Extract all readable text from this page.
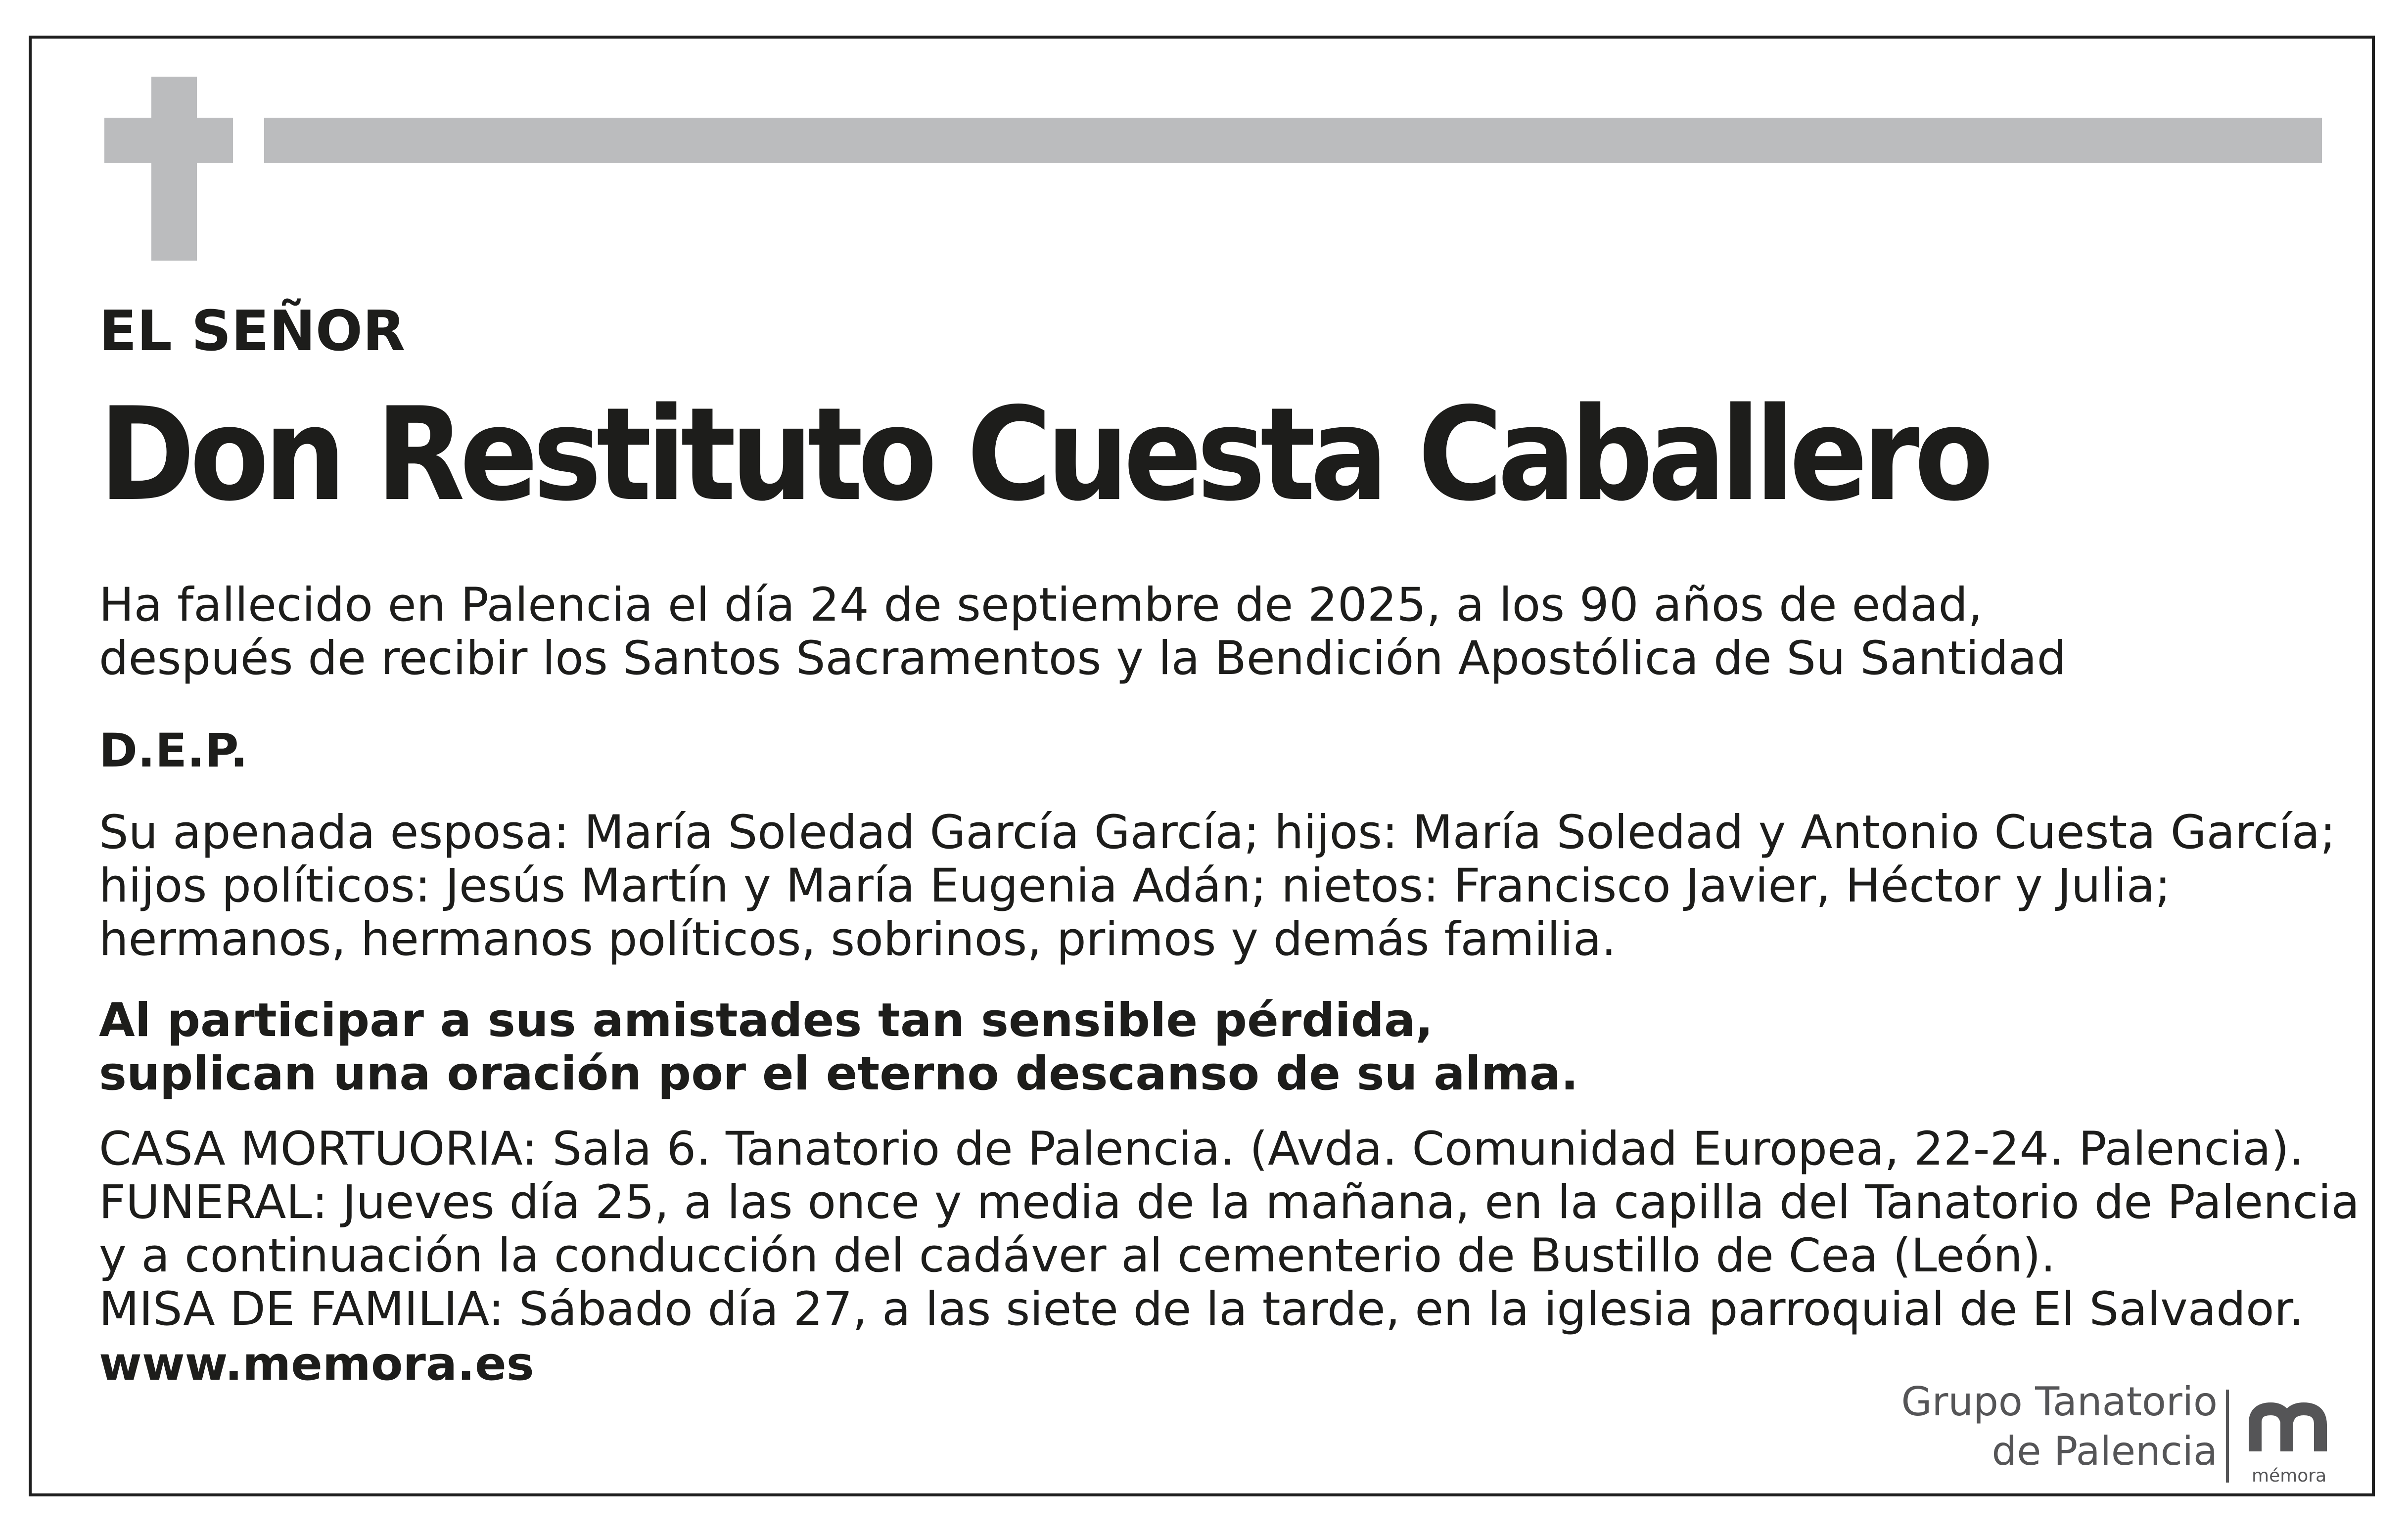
EL SEÑOR
Don Restituto Cuesta Caballero
Ha fallecido en Palencia el día 24 de septiembre de 2025, a los 90 años de edad,
después de recibir los Santos Sacramentos y la Bendición Apostólica de Su Santidad
D.E.P.
Su apenada esposa: María Soledad García García; hijos: María Soledad y Antonio Cuesta García;
hijos políticos: Jesús Martín y María Eugenia Adán; nietos: Francisco Javier, Héctor y Julia;
hermanos, hermanos políticos, sobrinos, primos y demás familia.
Al participar a sus amistades tan sensible pérdida,
suplican una oración por el eterno descanso de su alma.
CASA MORTUORIA: Sala 6. Tanatorio de Palencia. (Avda. Comunidad Europea, 22-24. Palencia).
FUNERAL: Jueves día 25, a las once y media de la mañana, en la capilla del Tanatorio de Palencia
y a continuación la conducción del cadáver al cementerio de Bustillo de Cea (León).
MISA DE FAMILIA: Sábado día 27, a las siete de la tarde, en la iglesia parroquial de El Salvador.
www.memora.es
Grupo Tanatorio
de Palencia
mémora
